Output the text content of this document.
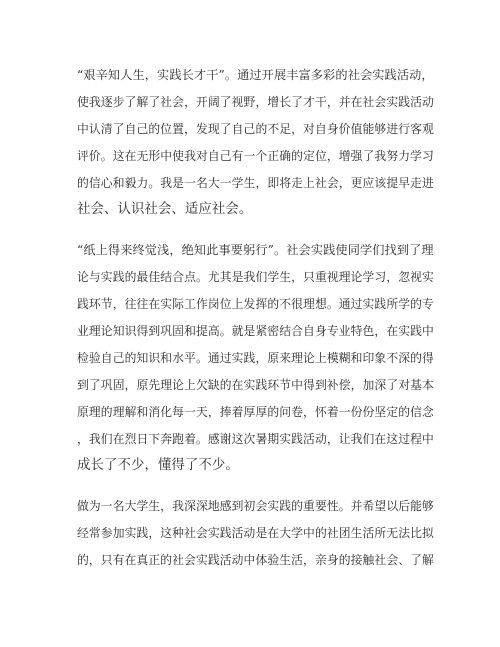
“艰辛知人生，实践长才干”。通过开展丰富多彩的社会实践活动，

使我逐步了解了社会，开阔了视野，增长了才干，并在社会实践活动

中认清了自己的位置，发现了自己的不足，对自身价值能够进行客观

评价。这在无形中使我对自己有一个正确的定位，增强了我努力学习

的信心和毅力。我是一名大一学生，即将走上社会，更应该提早走进

社会、认识社会、适应社会。

“纸上得来终觉浅，绝知此事要躬行”。社会实践使同学们找到了理

论与实践的最佳结合点。尤其是我们学生，只重视理论学习，忽视实

践环节，往往在实际工作岗位上发挥的不很理想。通过实践所学的专

业理论知识得到巩固和提高。就是紧密结合自身专业特色，在实践中

检验自己的知识和水平。通过实践，原来理论上模糊和印象不深的得

到了巩固，原先理论上欠缺的在实践环节中得到补偿，加深了对基本

原理的理解和消化每一天，捧着厚厚的问卷，怀着一份份坚定的信念

，我们在烈日下奔跑着。感谢这次暑期实践活动，让我们在这过程中

成长了不少，懂得了不少。

做为一名大学生，我深深地感到初会实践的重要性。并希望以后能够

经常参加实践，这种社会实践活动是在大学中的社团生活所无法比拟

的，只有在真正的社会实践活动中体验生活，亲身的接触社会、了解
